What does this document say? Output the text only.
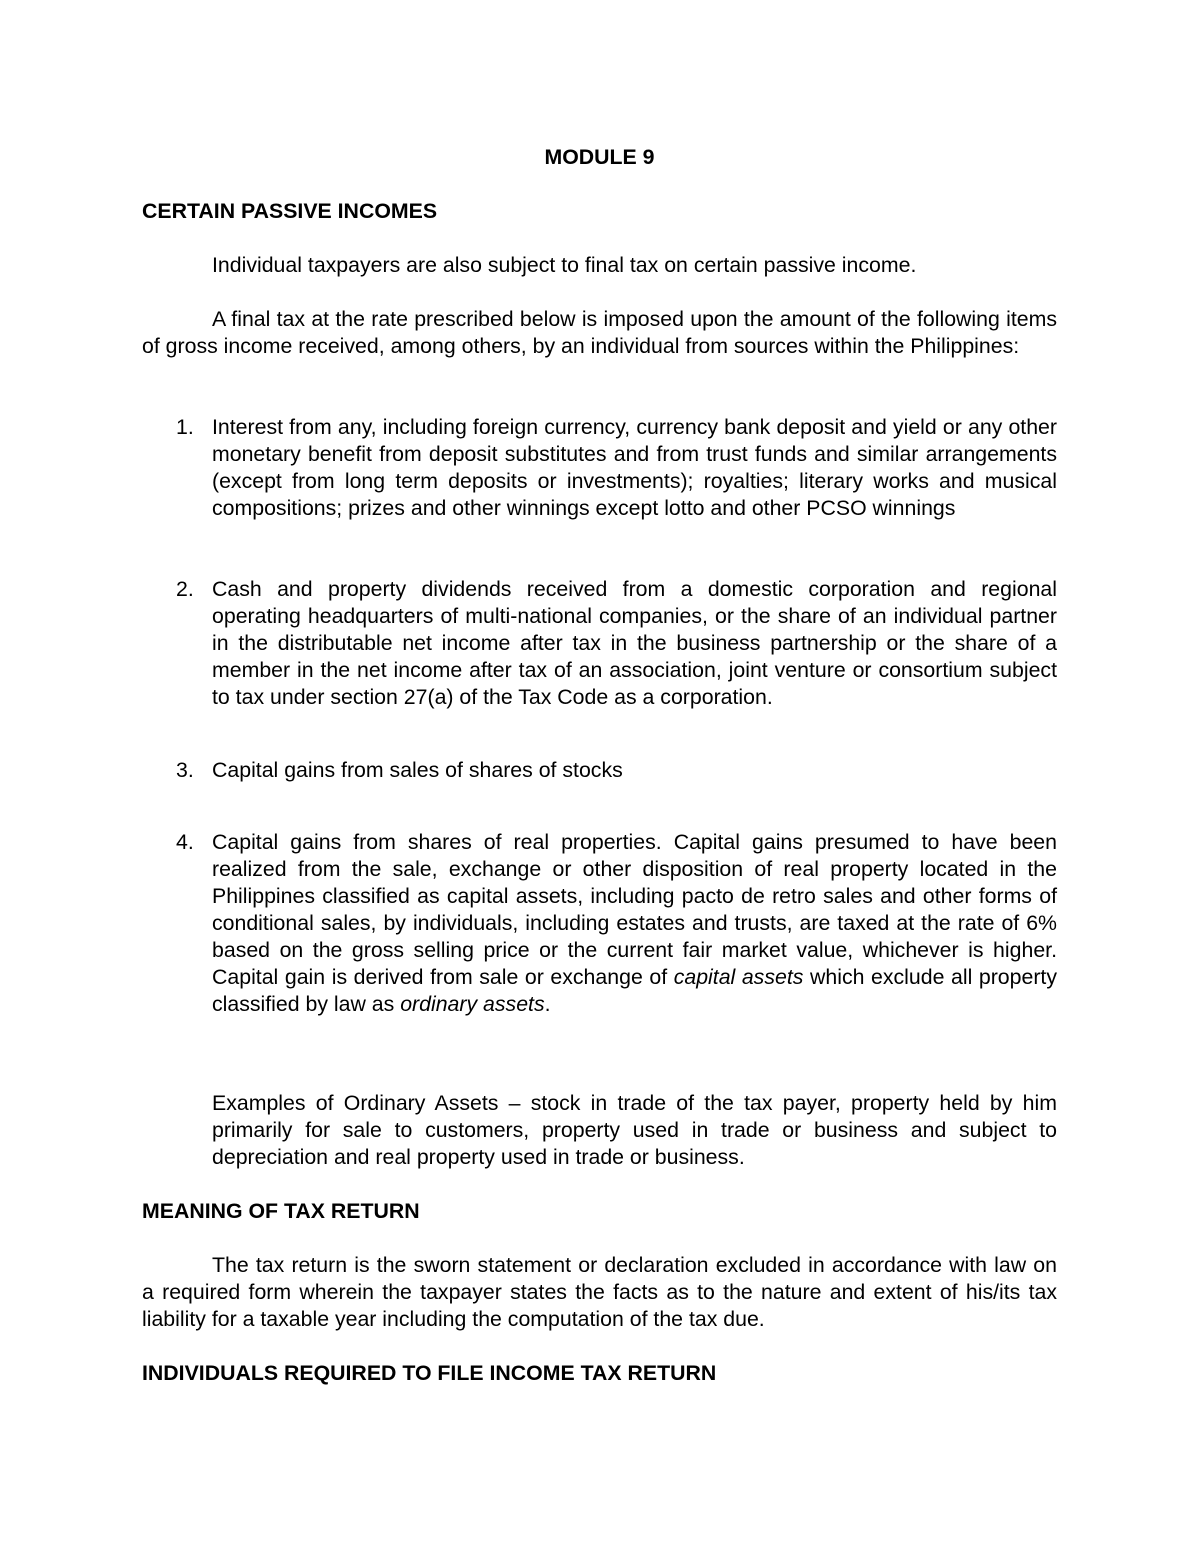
MODULE 9

CERTAIN PASSIVE INCOMES

Individual taxpayers are also subject to final tax on certain passive income.

A final tax at the rate prescribed below is imposed upon the amount of the following items of gross income received, among others, by an individual from sources within the Philippines:

1. Interest from any, including foreign currency, currency bank deposit and yield or any other monetary benefit from deposit substitutes and from trust funds and similar arrangements (except from long term deposits or investments); royalties; literary works and musical compositions; prizes and other winnings except lotto and other PCSO winnings

2. Cash and property dividends received from a domestic corporation and regional operating headquarters of multi-national companies, or the share of an individual partner in the distributable net income after tax in the business partnership or the share of a member in the net income after tax of an association, joint venture or consortium subject to tax under section 27(a) of the Tax Code as a corporation.

3. Capital gains from sales of shares of stocks

4. Capital gains from shares of real properties. Capital gains presumed to have been realized from the sale, exchange or other disposition of real property located in the Philippines classified as capital assets, including pacto de retro sales and other forms of conditional sales, by individuals, including estates and trusts, are taxed at the rate of 6% based on the gross selling price or the current fair market value, whichever is higher. Capital gain is derived from sale or exchange of capital assets which exclude all property classified by law as ordinary assets.

Examples of Ordinary Assets – stock in trade of the tax payer, property held by him primarily for sale to customers, property used in trade or business and subject to depreciation and real property used in trade or business.

MEANING OF TAX RETURN

The tax return is the sworn statement or declaration excluded in accordance with law on a required form wherein the taxpayer states the facts as to the nature and extent of his/its tax liability for a taxable year including the computation of the tax due.

INDIVIDUALS REQUIRED TO FILE INCOME TAX RETURN
